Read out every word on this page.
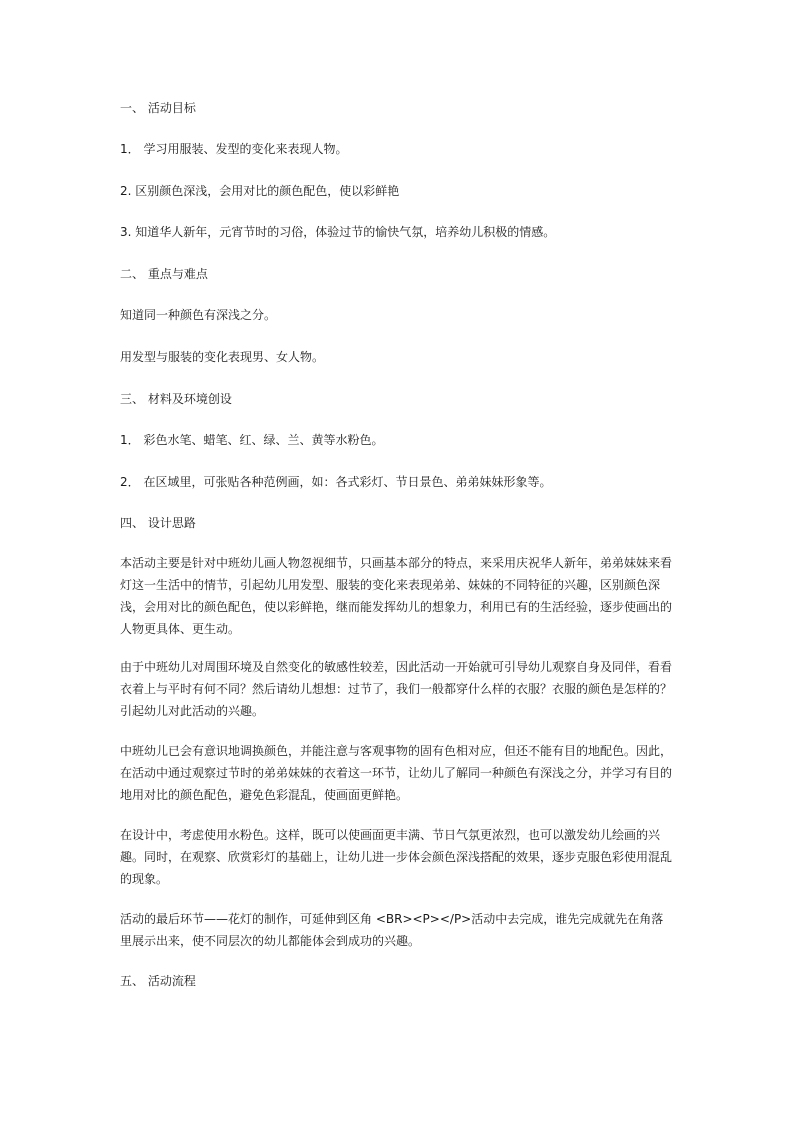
一、 活动目标
1． 学习用服装、发型的变化来表现人物。
2. 区别颜色深浅，会用对比的颜色配色，使以彩鲜艳
3. 知道华人新年，元宵节时的习俗，体验过节的愉快气氛，培养幼儿积极的情感。
二、 重点与难点
知道同一种颜色有深浅之分。
用发型与服装的变化表现男、女人物。
三、 材料及环境创设
1． 彩色水笔、蜡笔、红、绿、兰、黄等水粉色。
2． 在区域里，可张贴各种范例画，如：各式彩灯、节日景色、弟弟妹妹形象等。
四、 设计思路
本活动主要是针对中班幼儿画人物忽视细节，只画基本部分的特点，来采用庆祝华人新年，弟弟妹妹来看灯这一生活中的情节，引起幼儿用发型、服装的变化来表现弟弟、妹妹的不同特征的兴趣，区别颜色深浅，会用对比的颜色配色，使以彩鲜艳，继而能发挥幼儿的想象力，利用已有的生活经验，逐步使画出的人物更具体、更生动。
由于中班幼儿对周围环境及自然变化的敏感性较差，因此活动一开始就可引导幼儿观察自身及同伴，看看衣着上与平时有何不同？然后请幼儿想想：过节了，我们一般都穿什么样的衣服？衣服的颜色是怎样的？引起幼儿对此活动的兴趣。
中班幼儿已会有意识地调换颜色，并能注意与客观事物的固有色相对应，但还不能有目的地配色。因此，在活动中通过观察过节时的弟弟妹妹的衣着这一环节，让幼儿了解同一种颜色有深浅之分，并学习有目的地用对比的颜色配色，避免色彩混乱，使画面更鲜艳。
在设计中，考虑使用水粉色。这样，既可以使画面更丰满、节日气氛更浓烈，也可以激发幼儿绘画的兴趣。同时，在观察、欣赏彩灯的基础上，让幼儿进一步体会颜色深浅搭配的效果，逐步克服色彩使用混乱的现象。
活动的最后环节——花灯的制作，可延伸到区角 <BR><P></P>活动中去完成，谁先完成就先在角落里展示出来，使不同层次的幼儿都能体会到成功的兴趣。
五、 活动流程
